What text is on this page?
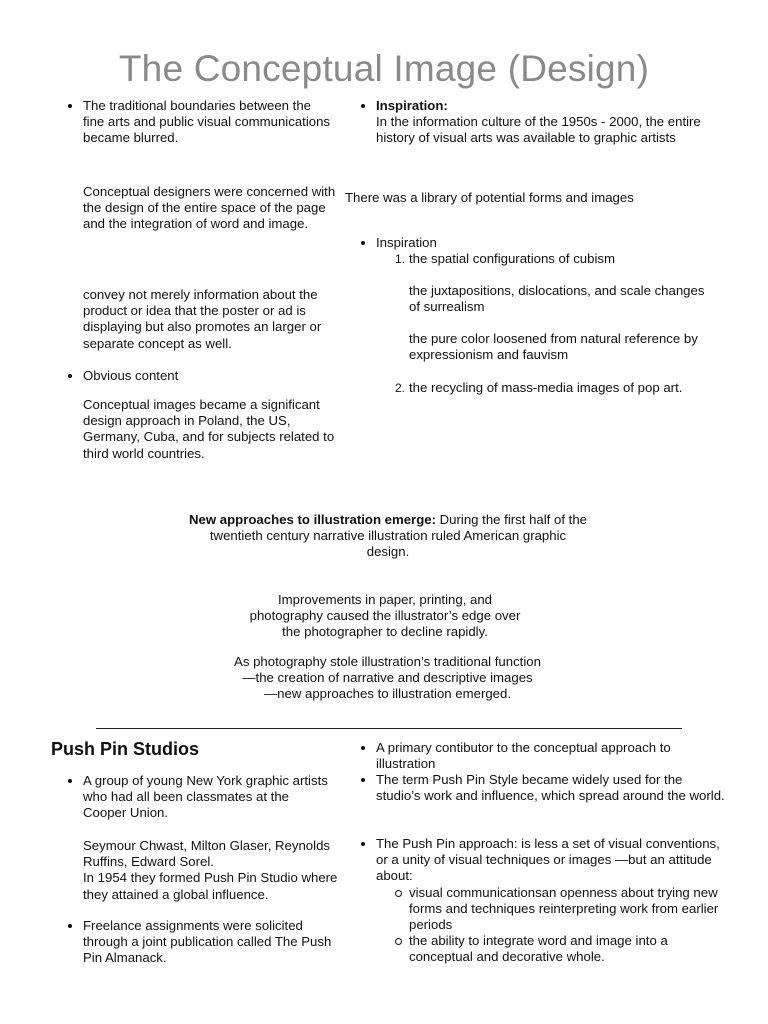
The Conceptual Image (Design)
The traditional boundaries between the fine arts and public visual communications became blurred.
Conceptual designers were concerned with the design of the entire space of the page and the integration of word and image.
convey not merely information about the product or idea that the poster or ad is displaying but also promotes an larger or separate concept as well.
Obvious content
Conceptual images became a significant design approach in Poland, the US, Germany, Cuba, and for subjects related to third world countries.
Inspiration:
In the information culture of the 1950s - 2000, the entire history of visual arts was available to graphic artists
There was a library of potential forms and images
Inspiration
1. the spatial configurations of cubism
the juxtapositions, dislocations, and scale changes of surrealism
the pure color loosened from natural reference by expressionism and fauvism
2. the recycling of mass-media images of pop art.
New approaches to illustration emerge: During the first half of the twentieth century narrative illustration ruled American graphic design.
Improvements in paper, printing, and photography caused the illustrator’s edge over the photographer to decline rapidly.
As photography stole illustration’s traditional function
—the creation of narrative and descriptive images
—new approaches to illustration emerged.
Push Pin Studios
A group of young New York graphic artists who had all been classmates at the Cooper Union.
Seymour Chwast, Milton Glaser, Reynolds Ruffins, Edward Sorel.
In 1954 they formed Push Pin Studio where they attained a global influence.
Freelance assignments were solicited through a joint publication called The Push Pin Almanack.
A primary contibutor to the conceptual approach to illustration
The term Push Pin Style became widely used for the studio’s work and influence, which spread around the world.
The Push Pin approach: is less a set of visual conventions, or a unity of visual techniques or images —but an attitude about:
visual communicationsan openness about trying new forms and techniques reinterpreting work from earlier periods
the ability to integrate word and image into a conceptual and decorative whole.
